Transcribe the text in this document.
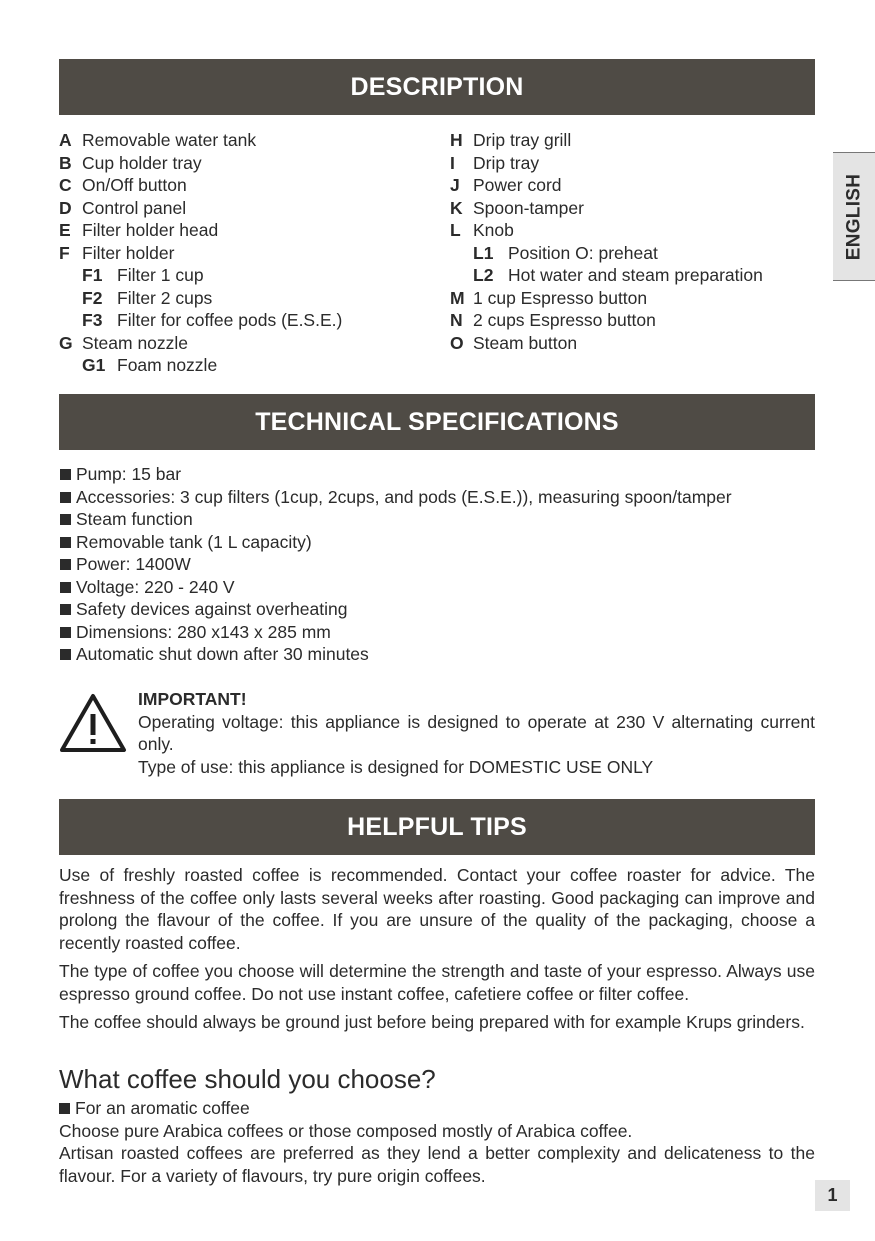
DESCRIPTION
ENGLISH
A Removable water tank
B Cup holder tray
C On/Off button
D Control panel
E Filter holder head
F Filter holder
F1 Filter 1 cup
F2 Filter 2 cups
F3 Filter for coffee pods (E.S.E.)
G Steam nozzle
G1 Foam nozzle
H Drip tray grill
I Drip tray
J Power cord
K Spoon-tamper
L Knob
L1 Position O: preheat
L2 Hot water and steam preparation
M 1 cup Espresso button
N 2 cups Espresso button
O Steam button
TECHNICAL SPECIFICATIONS
Pump: 15 bar
Accessories: 3 cup filters (1cup, 2cups, and pods (E.S.E.)), measuring spoon/tamper
Steam function
Removable tank (1 L capacity)
Power: 1400W
Voltage: 220 - 240 V
Safety devices against overheating
Dimensions: 280 x143 x 285 mm
Automatic shut down after 30 minutes
IMPORTANT!
Operating voltage: this appliance is designed to operate at 230 V alternating current only.
Type of use: this appliance is designed for DOMESTIC USE ONLY
HELPFUL TIPS

Use of freshly roasted coffee is recommended. Contact your coffee roaster for advice. The freshness of the coffee only lasts several weeks after roasting. Good packaging can improve and prolong the flavour of the coffee. If you are unsure of the quality of the packaging, choose a recently roasted coffee.

The type of coffee you choose will determine the strength and taste of your espresso. Always use espresso ground coffee. Do not use instant coffee, cafetiere coffee or filter coffee.

The coffee should always be ground just before being prepared with for example Krups grinders.

What coffee should you choose?
For an aromatic coffee

Choose pure Arabica coffees or those composed mostly of Arabica coffee.

Artisan roasted coffees are preferred as they lend a better complexity and delicateness to the flavour. For a variety of flavours, try pure origin coffees.

1
